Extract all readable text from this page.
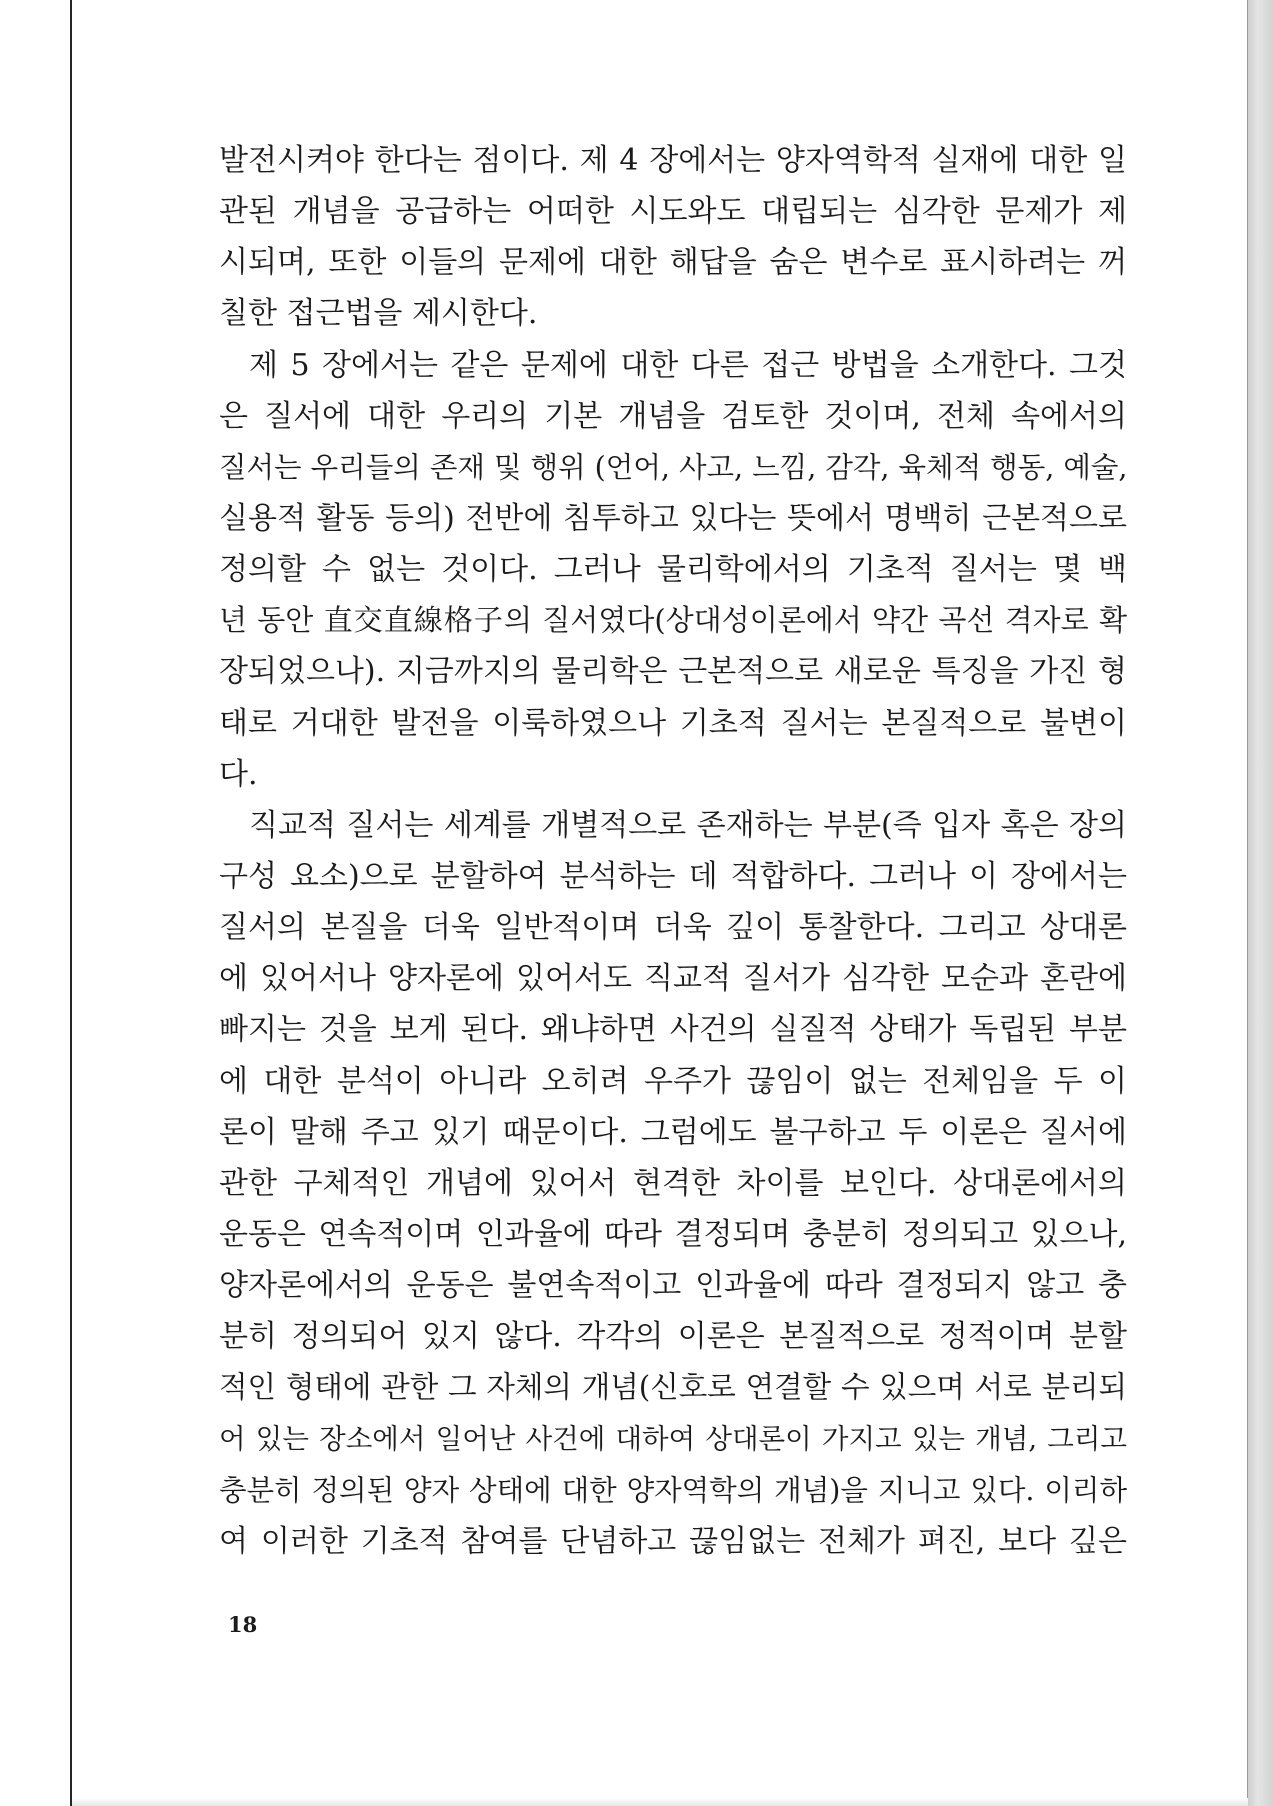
발전시켜야 한다는 점이다. 제 4 장에서는 양자역학적 실재에 대한 일
관된 개념을 공급하는 어떠한 시도와도 대립되는 심각한 문제가 제
시되며, 또한 이들의 문제에 대한 해답을 숨은 변수로 표시하려는 꺼
칠한 접근법을 제시한다.
제 5 장에서는 같은 문제에 대한 다른 접근 방법을 소개한다. 그것
은 질서에 대한 우리의 기본 개념을 검토한 것이며, 전체 속에서의
질서는 우리들의 존재 및 행위 (언어, 사고, 느낌, 감각, 육체적 행동, 예술,
실용적 활동 등의) 전반에 침투하고 있다는 뜻에서 명백히 근본적으로
정의할 수 없는 것이다. 그러나 물리학에서의 기초적 질서는 몇 백
년 동안 直交直線格子의 질서였다(상대성이론에서 약간 곡선 격자로 확
장되었으나). 지금까지의 물리학은 근본적으로 새로운 특징을 가진 형
태로 거대한 발전을 이룩하였으나 기초적 질서는 본질적으로 불변이
다.
직교적 질서는 세계를 개별적으로 존재하는 부분(즉 입자 혹은 장의
구성 요소)으로 분할하여 분석하는 데 적합하다. 그러나 이 장에서는
질서의 본질을 더욱 일반적이며 더욱 깊이 통찰한다. 그리고 상대론
에 있어서나 양자론에 있어서도 직교적 질서가 심각한 모순과 혼란에
빠지는 것을 보게 된다. 왜냐하면 사건의 실질적 상태가 독립된 부분
에 대한 분석이 아니라 오히려 우주가 끊임이 없는 전체임을 두 이
론이 말해 주고 있기 때문이다. 그럼에도 불구하고 두 이론은 질서에
관한 구체적인 개념에 있어서 현격한 차이를 보인다. 상대론에서의
운동은 연속적이며 인과율에 따라 결정되며 충분히 정의되고 있으나,
양자론에서의 운동은 불연속적이고 인과율에 따라 결정되지 않고 충
분히 정의되어 있지 않다. 각각의 이론은 본질적으로 정적이며 분할
적인 형태에 관한 그 자체의 개념(신호로 연결할 수 있으며 서로 분리되
어 있는 장소에서 일어난 사건에 대하여 상대론이 가지고 있는 개념, 그리고
충분히 정의된 양자 상태에 대한 양자역학의 개념)을 지니고 있다. 이리하
여 이러한 기초적 참여를 단념하고 끊임없는 전체가 펴진, 보다 깊은
18
